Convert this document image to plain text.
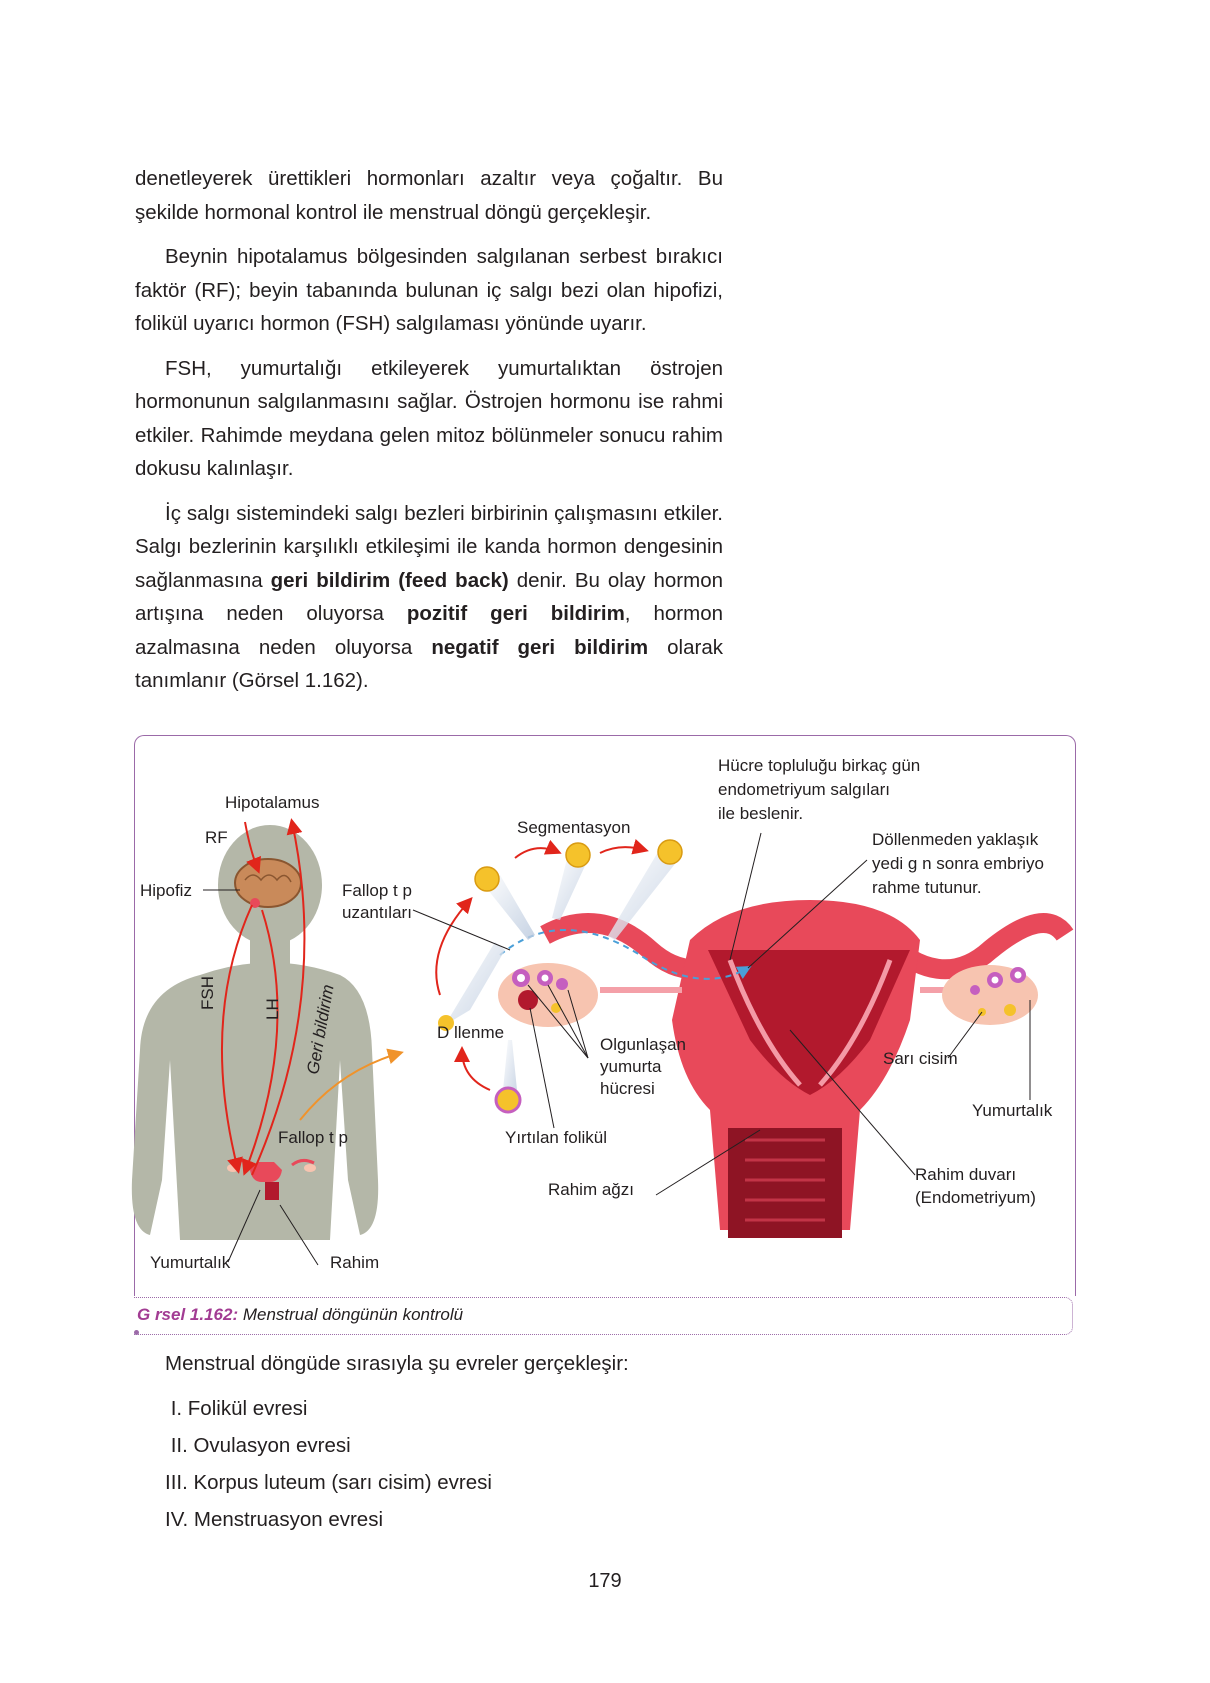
denetleyerek ürettikleri hormonları azaltır veya çoğaltır. Bu şekilde hormonal kontrol ile menstrual döngü gerçekleşir.

Beynin hipotalamus bölgesinden salgılanan serbest bırakıcı faktör (RF); beyin tabanında bulunan iç salgı bezi olan hipofizi, folikül uyarıcı hormon (FSH) salgılaması yönünde uyarır.

FSH, yumurtalığı etkileyerek yumurtalıktan östrojen hormonunun salgılanmasını sağlar. Östrojen hormonu ise rahmi etkiler. Rahimde meydana gelen mitoz bölünmeler sonucu rahim dokusu kalınlaşır.

İç salgı sistemindeki salgı bezleri birbirinin çalışmasını etkiler. Salgı bezlerinin karşılıklı etkileşimi ile kanda hormon dengesinin sağlanmasına geri bildirim (feed back) denir. Bu olay hormon artışına neden oluyorsa pozitif geri bildirim, hormon azalmasına neden oluyorsa negatif geri bildirim olarak tanımlanır (Görsel 1.162).

Hipotalamus
RF
Hipofiz
FSH	LH Geri bildirim
Fallop t p
Yumurtalık	Rahim
Fallop t p
uzantıları
Segmentasyon
D llenme
Hücre topluluğu birkaç gün
endometriyum salgıları
ile beslenir.
Döllenmeden yaklaşık
yedi g n sonra embriyo
rahme tutunur.
Olgunlaşan
yumurta
hücresi
Yırtılan folikül
Rahim ağzı
Sarı cisim
Yumurtalık
Rahim duvarı
(Endometriyum)
G rsel 1.162: Menstrual döngünün kontrolü
Menstrual döngüde sırasıyla şu evreler gerçekleşir:
I. Folikül evresi
II. Ovulasyon evresi
III. Korpus luteum (sarı cisim) evresi
IV. Menstruasyon evresi
179
